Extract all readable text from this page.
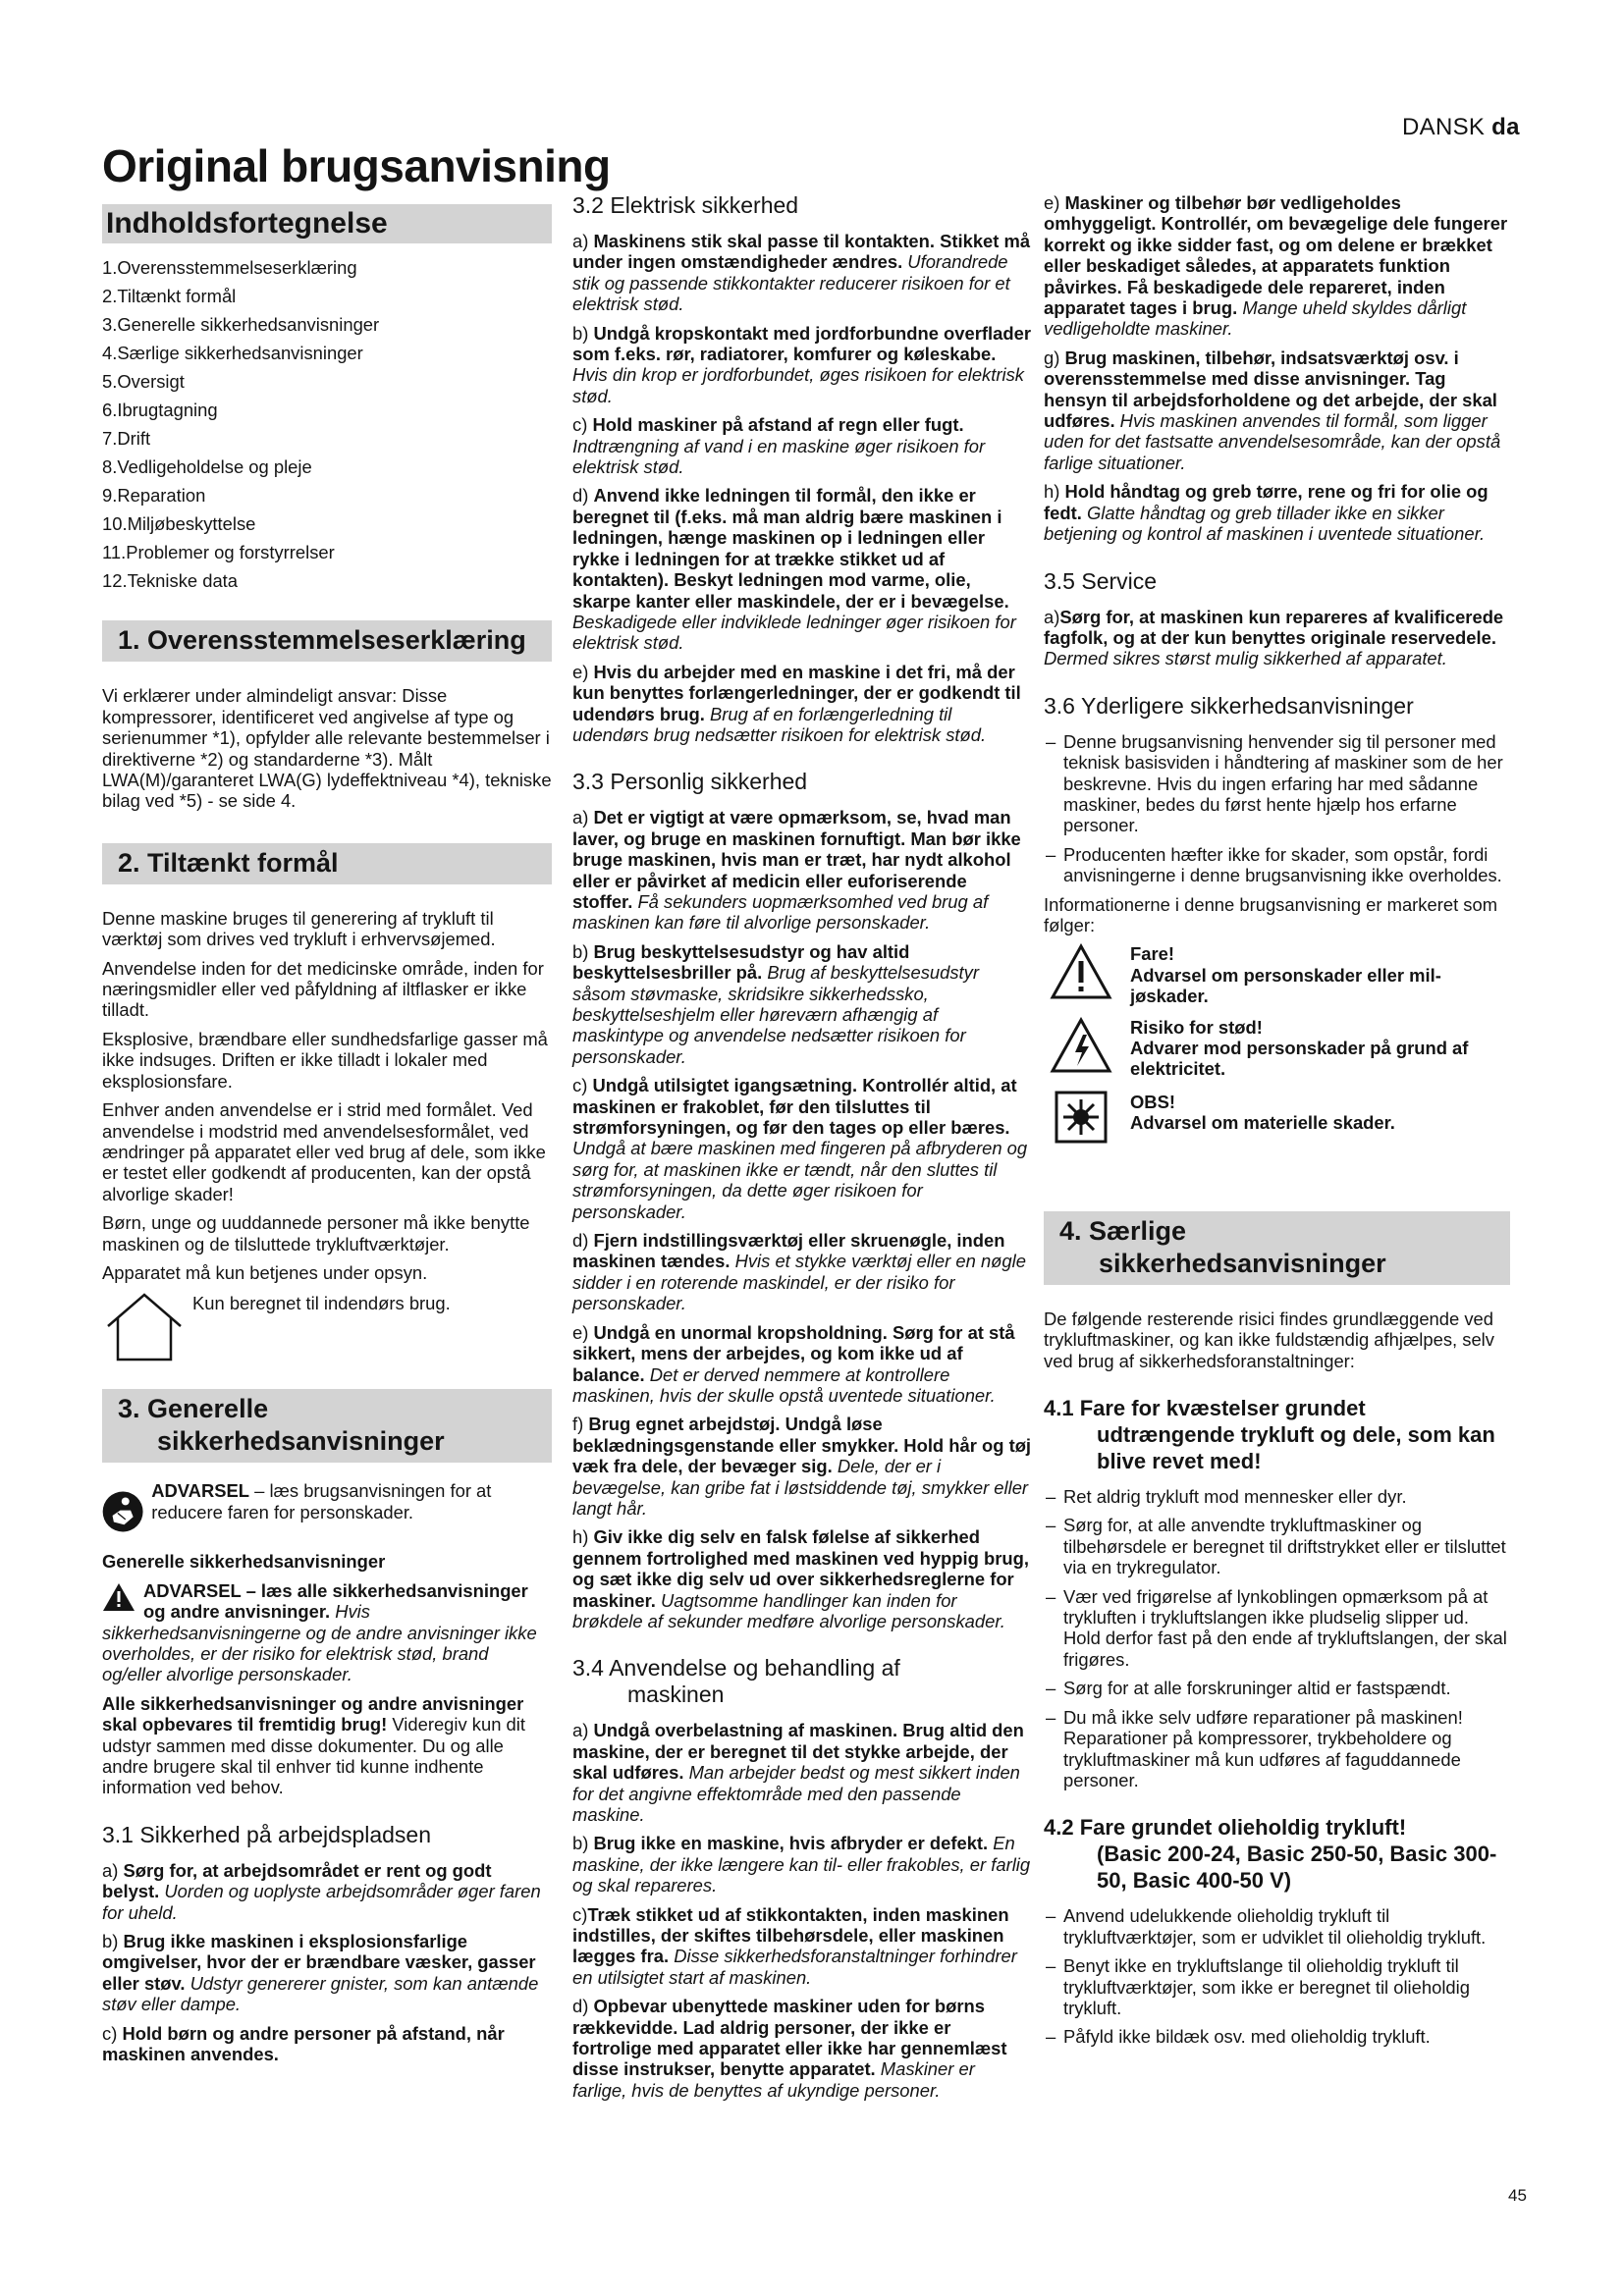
DANSK da
Original brugsanvisning
45
Indholdsfortegnelse
1.Overensstemmelseserklæring
2.Tiltænkt formål
3.Generelle sikkerhedsanvisninger
4.Særlige sikkerhedsanvisninger
5.Oversigt
6.Ibrugtagning
7.Drift
8.Vedligeholdelse og pleje
9.Reparation
10.Miljøbeskyttelse
11.Problemer og forstyrrelser
12.Tekniske data
1. Overensstemmelseserklæring

Vi erklærer under almindeligt ansvar: Disse kompressorer, identificeret ved angivelse af type og serienummer *1), opfylder alle relevante bestemmelser i direktiverne *2) og standarderne *3). Målt LWA(M)/garanteret LWA(G) lydeffektniveau *4), tekniske bilag ved *5) - se side 4.

2. Tiltænkt formål

Denne maskine bruges til generering af trykluft til værktøj som drives ved trykluft i erhvervsøjemed.

Anvendelse inden for det medicinske område, inden for næringsmidler eller ved påfyldning af iltflasker er ikke tilladt.

Eksplosive, brændbare eller sundhedsfarlige gasser må ikke indsuges. Driften er ikke tilladt i lokaler med eksplosionsfare.

Enhver anden anvendelse er i strid med formålet. Ved anvendelse i modstrid med anvendelsesformålet, ved ændringer på apparatet eller ved brug af dele, som ikke er testet eller godkendt af producenten, kan der opstå alvorlige skader!

Børn, unge og uuddannede personer må ikke benytte maskinen og de tilsluttede trykluftværktøjer.

Apparatet må kun betjenes under opsyn.

Kun beregnet til indendørs brug.
3. Generelle
sikkerhedsanvisninger
ADVARSEL – læs brugsanvisningen for at reducere faren for personskader.

Generelle sikkerhedsanvisninger

ADVARSEL – læs alle sikkerhedsanvisninger og andre anvisninger. Hvis sikkerhedsanvisningerne og de andre anvisninger ikke overholdes, er der risiko for elektrisk stød, brand og/eller alvorlige personskader.

Alle sikkerhedsanvisninger og andre anvisninger skal opbevares til fremtidig brug! Videregiv kun dit udstyr sammen med disse dokumenter. Du og alle andre brugere skal til enhver tid kunne indhente information ved behov.

3.1 Sikkerhed på arbejdspladsen

a) Sørg for, at arbejdsområdet er rent og godt belyst. Uorden og uoplyste arbejdsområder øger faren for uheld.

b) Brug ikke maskinen i eksplosionsfarlige omgivelser, hvor der er brændbare væsker, gasser eller støv. Udstyr genererer gnister, som kan antænde støv eller dampe.

c) Hold børn og andre personer på afstand, når maskinen anvendes.

3.2 Elektrisk sikkerhed

a) Maskinens stik skal passe til kontakten. Stikket må under ingen omstændigheder ændres. Uforandrede stik og passende stikkontakter reducerer risikoen for et elektrisk stød.

b) Undgå kropskontakt med jordforbundne overflader som f.eks. rør, radiatorer, komfurer og køleskabe. Hvis din krop er jordforbundet, øges risikoen for elektrisk stød.

c) Hold maskiner på afstand af regn eller fugt. Indtrængning af vand i en maskine øger risikoen for elektrisk stød.

d) Anvend ikke ledningen til formål, den ikke er beregnet til (f.eks. må man aldrig bære maskinen i ledningen, hænge maskinen op i ledningen eller rykke i ledningen for at trække stikket ud af kontakten). Beskyt ledningen mod varme, olie, skarpe kanter eller maskindele, der er i bevægelse. Beskadigede eller indviklede ledninger øger risikoen for elektrisk stød.

e) Hvis du arbejder med en maskine i det fri, må der kun benyttes forlængerledninger, der er godkendt til udendørs brug. Brug af en forlængerledning til udendørs brug nedsætter risikoen for elektrisk stød.

3.3 Personlig sikkerhed

a) Det er vigtigt at være opmærksom, se, hvad man laver, og bruge en maskinen fornuftigt. Man bør ikke bruge maskinen, hvis man er træt, har nydt alkohol eller er påvirket af medicin eller euforiserende stoffer. Få sekunders uopmærksomhed ved brug af maskinen kan føre til alvorlige personskader.

b) Brug beskyttelsesudstyr og hav altid beskyttelsesbriller på. Brug af beskyttelsesudstyr såsom støvmaske, skridsikre sikkerhedssko, beskyttelseshjelm eller høreværn afhængig af maskintype og anvendelse nedsætter risikoen for personskader.

c) Undgå utilsigtet igangsætning. Kontrollér altid, at maskinen er frakoblet, før den tilsluttes til strømforsyningen, og før den tages op eller bæres. Undgå at bære maskinen med fingeren på afbryderen og sørg for, at maskinen ikke er tændt, når den sluttes til strømforsyningen, da dette øger risikoen for personskader.

d) Fjern indstillingsværktøj eller skruenøgle, inden maskinen tændes. Hvis et stykke værktøj eller en nøgle sidder i en roterende maskindel, er der risiko for personskader.

e) Undgå en unormal kropsholdning. Sørg for at stå sikkert, mens der arbejdes, og kom ikke ud af balance. Det er derved nemmere at kontrollere maskinen, hvis der skulle opstå uventede situationer.

f) Brug egnet arbejdstøj. Undgå løse beklædningsgenstande eller smykker. Hold hår og tøj væk fra dele, der bevæger sig. Dele, der er i bevægelse, kan gribe fat i løstsiddende tøj, smykker eller langt hår.

h) Giv ikke dig selv en falsk følelse af sikkerhed gennem fortrolighed med maskinen ved hyppig brug, og sæt ikke dig selv ud over sikkerhedsreglerne for maskiner. Uagtsomme handlinger kan inden for brøkdele af sekunder medføre alvorlige personskader.

3.4 Anvendelse og behandling af
maskinen

a) Undgå overbelastning af maskinen. Brug altid den maskine, der er beregnet til det stykke arbejde, der skal udføres. Man arbejder bedst og mest sikkert inden for det angivne effektområde med den passende maskine.

b) Brug ikke en maskine, hvis afbryder er defekt. En maskine, der ikke længere kan til- eller frakobles, er farlig og skal repareres.

c)Træk stikket ud af stikkontakten, inden maskinen indstilles, der skiftes tilbehørsdele, eller maskinen lægges fra. Disse sikkerhedsforanstaltninger forhindrer en utilsigtet start af maskinen.

d) Opbevar ubenyttede maskiner uden for børns rækkevidde. Lad aldrig personer, der ikke er fortrolige med apparatet eller ikke har gennemlæst disse instrukser, benytte apparatet. Maskiner er farlige, hvis de benyttes af ukyndige personer.

e) Maskiner og tilbehør bør vedligeholdes omhyggeligt. Kontrollér, om bevægelige dele fungerer korrekt og ikke sidder fast, og om delene er brækket eller beskadiget således, at apparatets funktion påvirkes. Få beskadigede dele repareret, inden apparatet tages i brug. Mange uheld skyldes dårligt vedligeholdte maskiner.

g) Brug maskinen, tilbehør, indsatsværktøj osv. i overensstemmelse med disse anvisninger. Tag hensyn til arbejdsforholdene og det arbejde, der skal udføres. Hvis maskinen anvendes til formål, som ligger uden for det fastsatte anvendelsesområde, kan der opstå farlige situationer.

h) Hold håndtag og greb tørre, rene og fri for olie og fedt. Glatte håndtag og greb tillader ikke en sikker betjening og kontrol af maskinen i uventede situationer.

3.5 Service

a)Sørg for, at maskinen kun repareres af kvalificerede fagfolk, og at der kun benyttes originale reservedele. Dermed sikres størst mulig sikkerhed af apparatet.

3.6 Yderligere sikkerhedsanvisninger
– Denne brugsanvisning henvender sig til personer med teknisk basisviden i håndtering af maskiner som de her beskrevne. Hvis du ingen erfaring har med sådanne maskiner, bedes du først hente hjælp hos erfarne personer.
– Producenten hæfter ikke for skader, som opstår, fordi anvisningerne i denne brugsanvisning ikke overholdes.

Informationerne i denne brugsanvisning er markeret som følger:

Fare!
Advarsel om personskader eller mil-jøskader.
Risiko for stød!
Advarer mod personskader på grund af elektricitet.
OBS!
Advarsel om materielle skader.
4. Særlige
sikkerhedsanvisninger

De følgende resterende risici findes grundlæggende ved trykluftmaskiner, og kan ikke fuldstændig afhjælpes, selv ved brug af sikkerhedsforanstaltninger:

4.1 Fare for kvæstelser grundet
udtrængende trykluft og dele, som kan blive revet med!
– Ret aldrig trykluft mod mennesker eller dyr.
– Sørg for, at alle anvendte trykluftmaskiner og tilbehørsdele er beregnet til driftstrykket eller er tilsluttet via en trykregulator.
– Vær ved frigørelse af lynkoblingen opmærksom på at trykluften i trykluftslangen ikke pludselig slipper ud. Hold derfor fast på den ende af trykluftslangen, der skal frigøres.
– Sørg for at alle forskruninger altid er fastspændt.
– Du må ikke selv udføre reparationer på maskinen! Reparationer på kompressorer, trykbeholdere og trykluftmaskiner må kun udføres af faguddannede personer.
4.2 Fare grundet olieholdig trykluft!
(Basic 200-24, Basic 250-50, Basic 300-50, Basic 400-50 V)
– Anvend udelukkende olieholdig trykluft til trykluftværktøjer, som er udviklet til olieholdig trykluft.
– Benyt ikke en trykluftslange til olieholdig trykluft til trykluftværktøjer, som ikke er beregnet til olieholdig trykluft.
– Påfyld ikke bildæk osv. med olieholdig trykluft.
